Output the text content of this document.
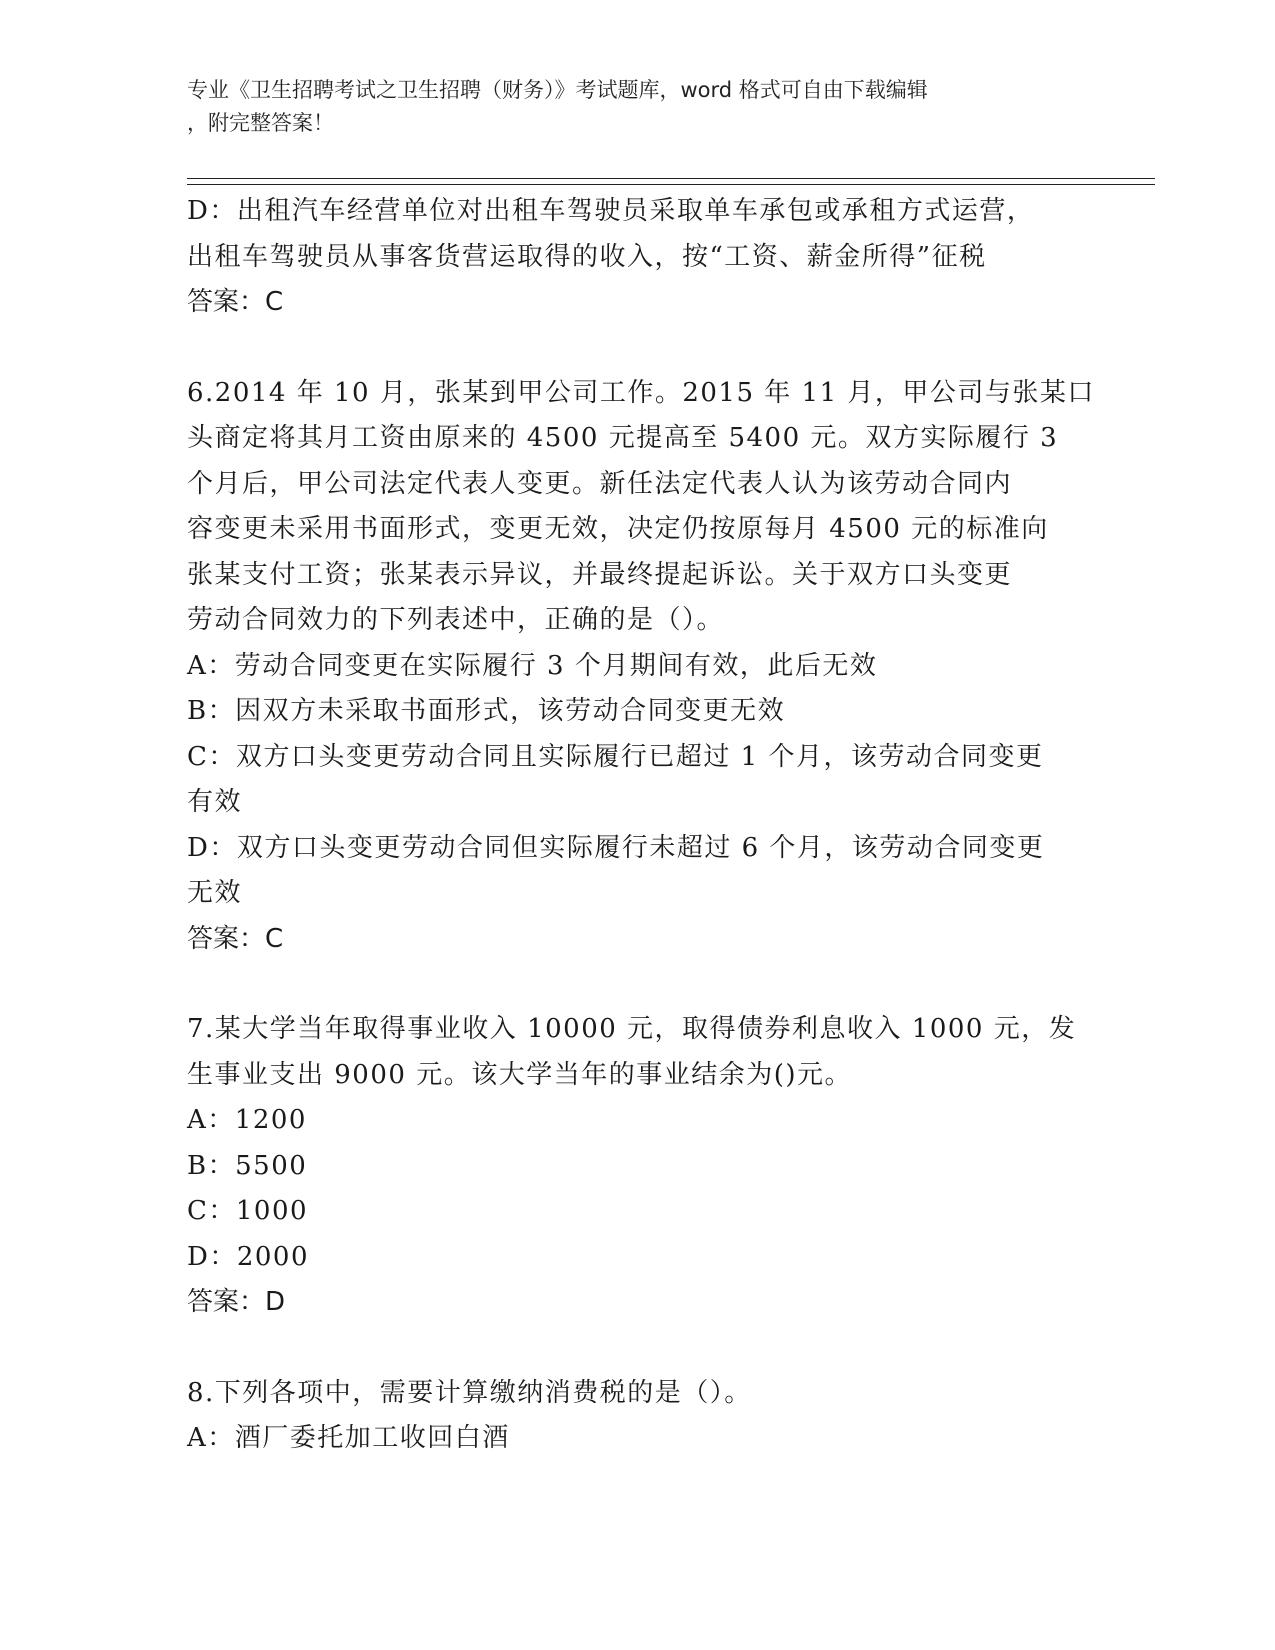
专业《卫生招聘考试之卫生招聘（财务）》考试题库，word 格式可自由下载编辑
，附完整答案！
D：出租汽车经营单位对出租车驾驶员采取单车承包或承租方式运营，
出租车驾驶员从事客货营运取得的收入，按“工资、薪金所得”征税
答案：C
6.2014 年 10 月，张某到甲公司工作。2015 年 11 月，甲公司与张某口
头商定将其月工资由原来的 4500 元提高至 5400 元。双方实际履行 3
个月后，甲公司法定代表人变更。新任法定代表人认为该劳动合同内
容变更未采用书面形式，变更无效，决定仍按原每月 4500 元的标准向
张某支付工资；张某表示异议，并最终提起诉讼。关于双方口头变更
劳动合同效力的下列表述中，正确的是（）。
A：劳动合同变更在实际履行 3 个月期间有效，此后无效
B：因双方未采取书面形式，该劳动合同变更无效
C：双方口头变更劳动合同且实际履行已超过 1 个月，该劳动合同变更
有效
D：双方口头变更劳动合同但实际履行未超过 6 个月，该劳动合同变更
无效
答案：C
7.某大学当年取得事业收入 10000 元，取得债券利息收入 1000 元，发
生事业支出 9000 元。该大学当年的事业结余为()元。
A：1200
B：5500
C：1000
D：2000
答案：D
8.下列各项中，需要计算缴纳消费税的是（）。
A：酒厂委托加工收回白酒
